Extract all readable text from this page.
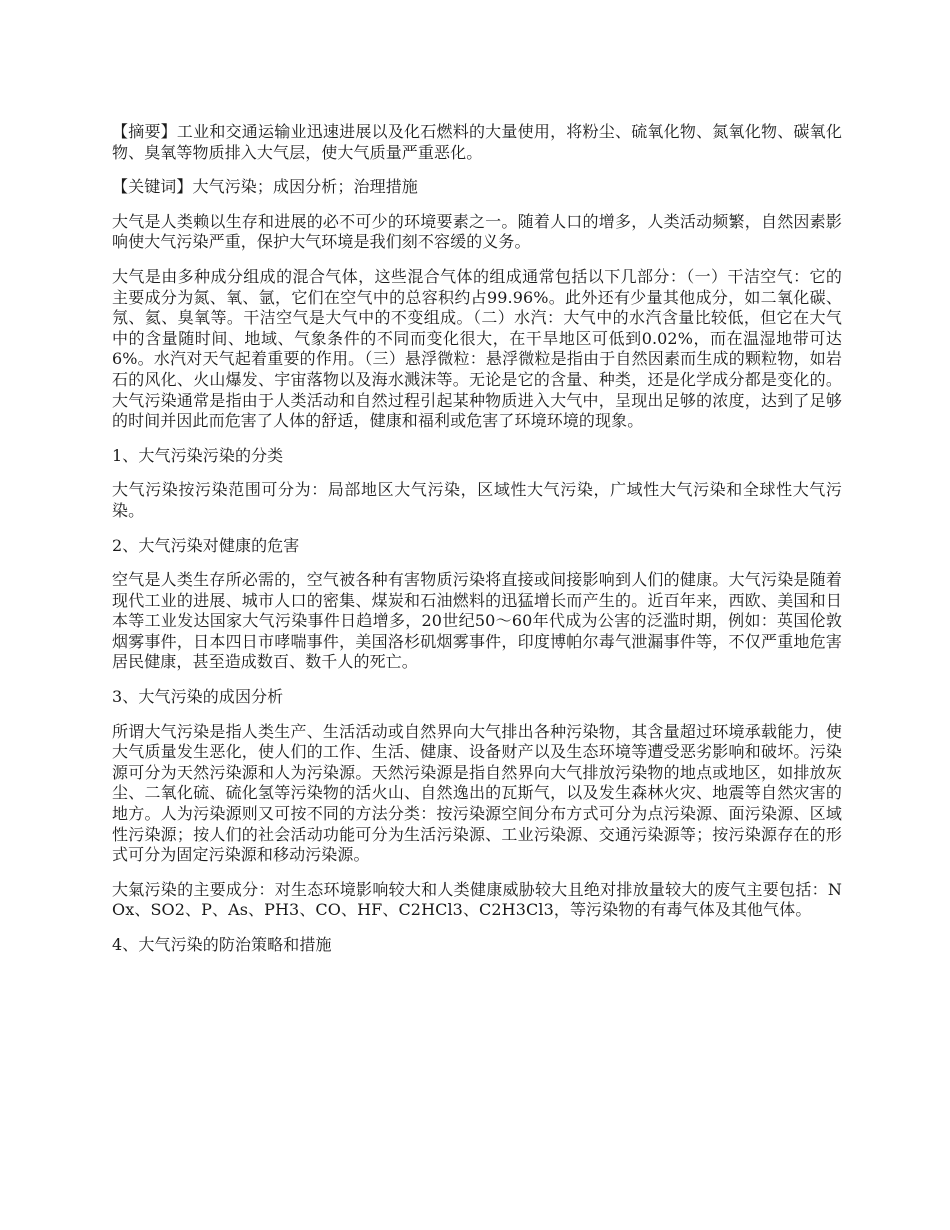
【摘要】工业和交通运输业迅速进展以及化石燃料的大量使用，将粉尘、硫氧化物、氮氧化物、碳氧化物、臭氧等物质排入大气层，使大气质量严重恶化。

【关键词】大气污染；成因分析；治理措施

大气是人类赖以生存和进展的必不可少的环境要素之一。随着人口的增多，人类活动频繁，自然因素影响使大气污染严重，保护大气环境是我们刻不容缓的义务。

大气是由多种成分组成的混合气体，这些混合气体的组成通常包括以下几部分：（一）干洁空气：它的主要成分为氮、氧、氩，它们在空气中的总容积约占99.96%。此外还有少量其他成分，如二氧化碳、氖、氦、臭氧等。干洁空气是大气中的不变组成。（二）水汽：大气中的水汽含量比较低，但它在大气中的含量随时间、地域、气象条件的不同而变化很大，在干旱地区可低到0.02%，而在温湿地带可达6%。水汽对天气起着重要的作用。（三）悬浮微粒：悬浮微粒是指由于自然因素而生成的颗粒物，如岩石的风化、火山爆发、宇宙落物以及海水溅沫等。无论是它的含量、种类，还是化学成分都是变化的。大气污染通常是指由于人类活动和自然过程引起某种物质进入大气中，呈现出足够的浓度，达到了足够的时间并因此而危害了人体的舒适，健康和福利或危害了环境环境的现象。

1、大气污染污染的分类

大气污染按污染范围可分为：局部地区大气污染，区域性大气污染，广域性大气污染和全球性大气污染。

2、大气污染对健康的危害

空气是人类生存所必需的，空气被各种有害物质污染将直接或间接影响到人们的健康。大气污染是随着现代工业的进展、城市人口的密集、煤炭和石油燃料的迅猛增长而产生的。近百年来，西欧、美国和日本等工业发达国家大气污染事件日趋增多，20世纪50～60年代成为公害的泛滥时期，例如：英国伦敦烟雾事件，日本四日市哮喘事件，美国洛杉矶烟雾事件，印度博帕尔毒气泄漏事件等，不仅严重地危害居民健康，甚至造成数百、数千人的死亡。

3、大气污染的成因分析

所谓大气污染是指人类生产、生活活动或自然界向大气排出各种污染物，其含量超过环境承载能力，使大气质量发生恶化，使人们的工作、生活、健康、设备财产以及生态环境等遭受恶劣影响和破坏。污染源可分为天然污染源和人为污染源。天然污染源是指自然界向大气排放污染物的地点或地区，如排放灰尘、二氧化硫、硫化氢等污染物的活火山、自然逸出的瓦斯气，以及发生森林火灾、地震等自然灾害的地方。人为污染源则又可按不同的方法分类：按污染源空间分布方式可分为点污染源、面污染源、区域性污染源；按人们的社会活动功能可分为生活污染源、工业污染源、交通污染源等；按污染源存在的形式可分为固定污染源和移动污染源。

大氣污染的主要成分：对生态环境影响较大和人类健康威胁较大且绝对排放量较大的废气主要包括：NOx、SO2、P、As、PH3、CO、HF、C2HCl3、C2H3Cl3，等污染物的有毒气体及其他气体。

4、大气污染的防治策略和措施
